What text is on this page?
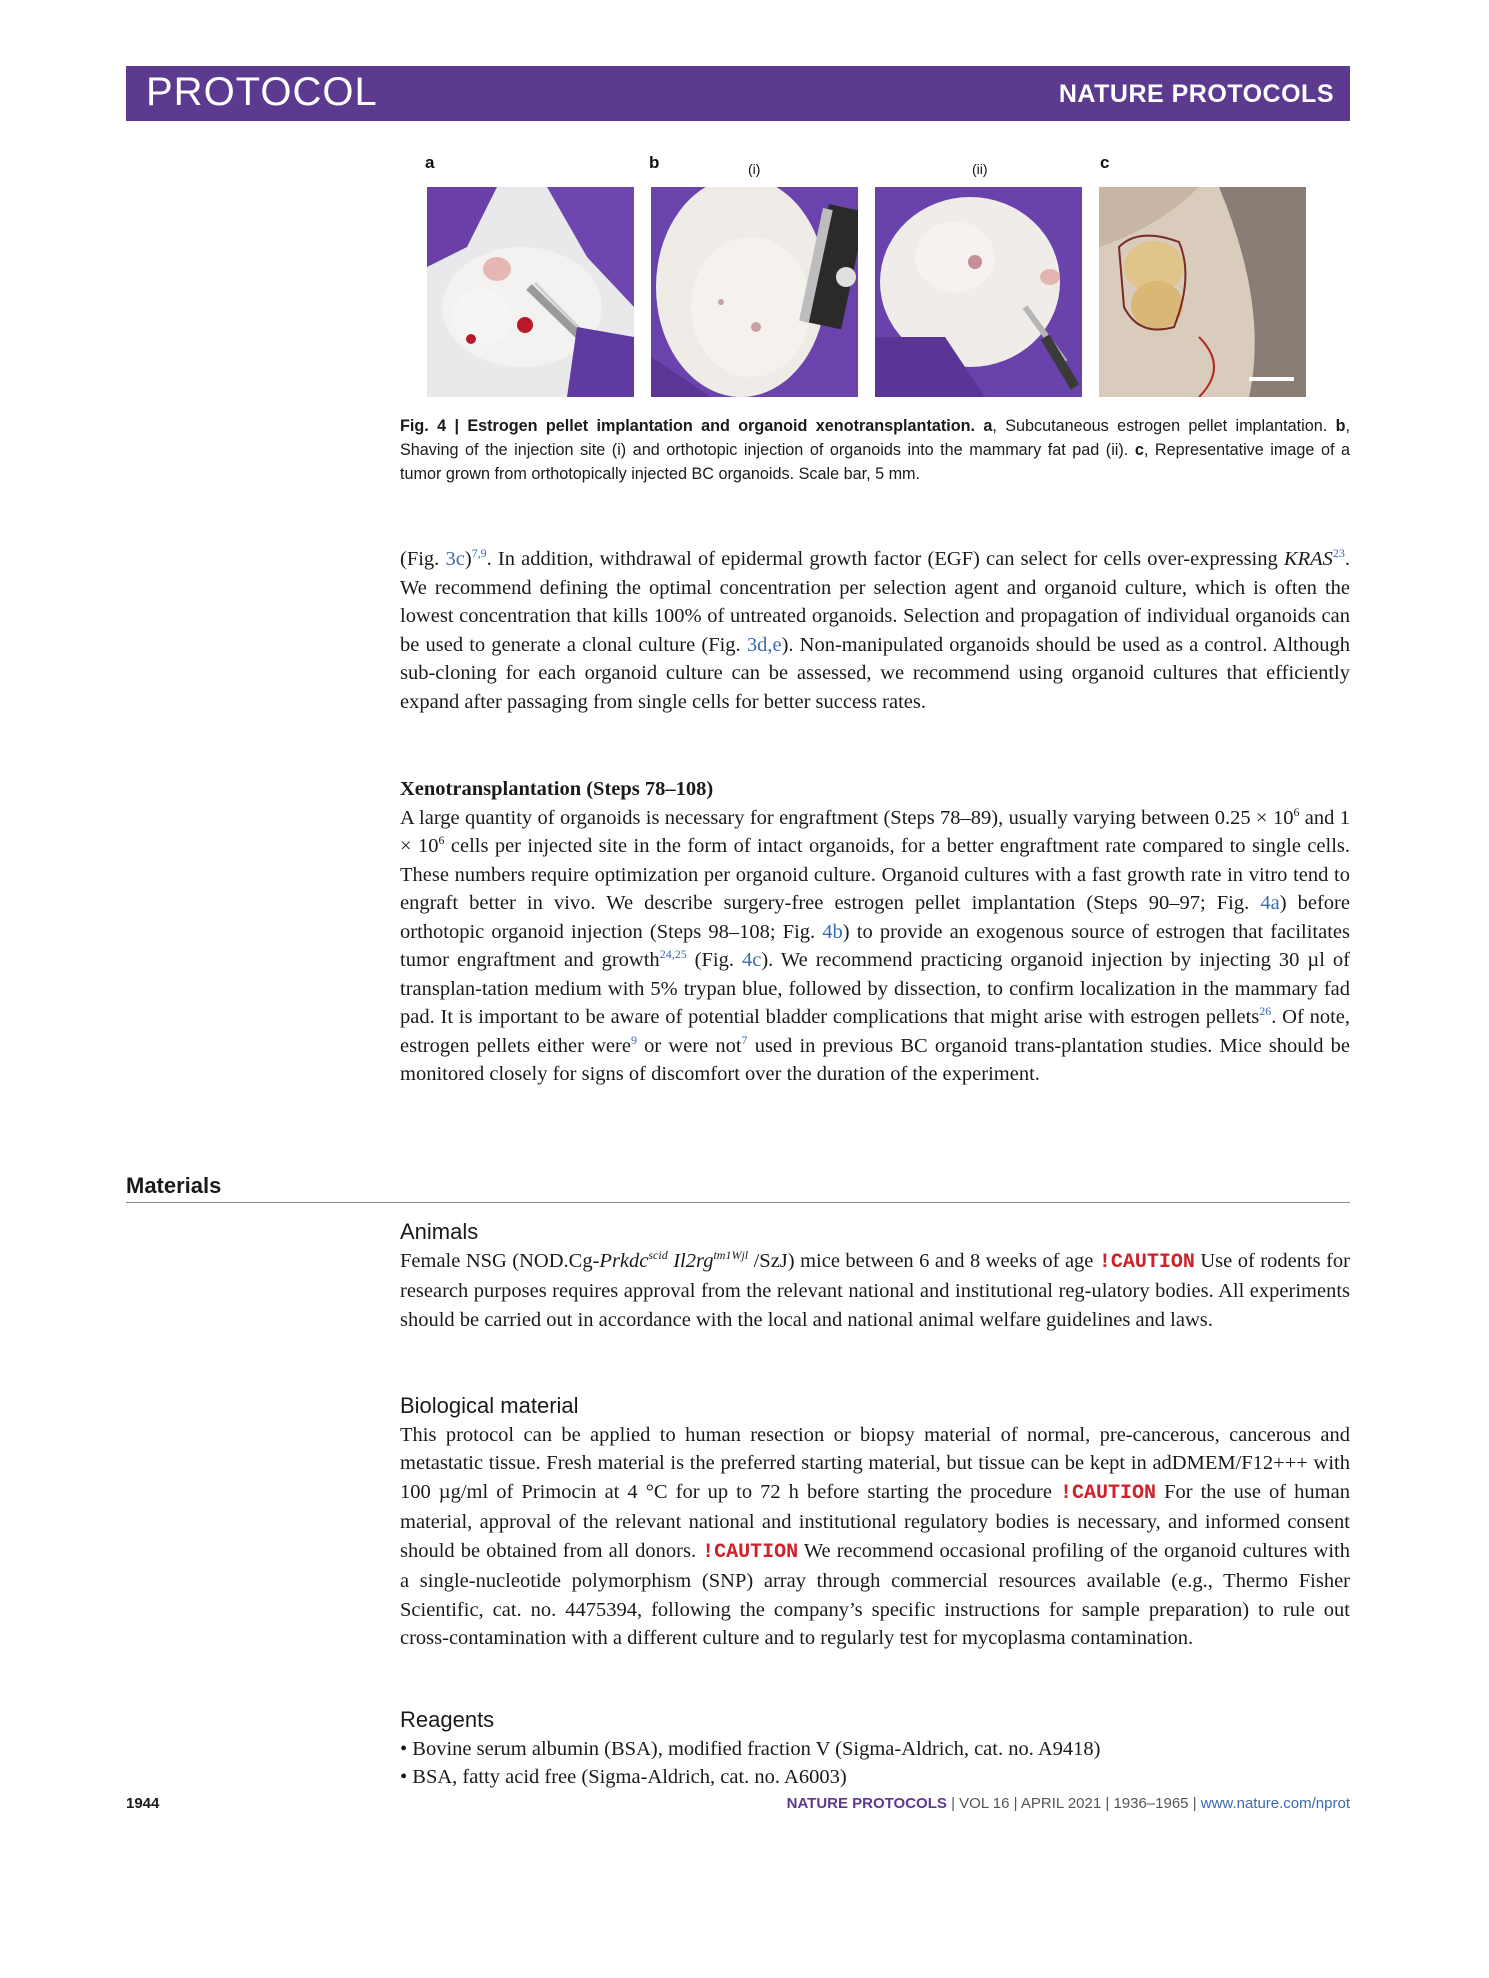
PROTOCOL	NATURE PROTOCOLS
a	b	(i)	(ii)	c
Fig. 4 | Estrogen pellet implantation and organoid xenotransplantation. a, Subcutaneous estrogen pellet implantation. b, Shaving of the injection site (i) and orthotopic injection of organoids into the mammary fat pad (ii). c, Representative image of a tumor grown from orthotopically injected BC organoids. Scale bar, 5 mm.

(Fig. 3c)$^{7,9}$. In addition, withdrawal of epidermal growth factor (EGF) can select for cells over-expressing KRAS$^{23}$. We recommend defining the optimal concentration per selection agent and organoid culture, which is often the lowest concentration that kills 100% of untreated organoids. Selection and propagation of individual organoids can be used to generate a clonal culture (Fig. 3d,e). Non-manipulated organoids should be used as a control. Although sub-cloning for each organoid culture can be assessed, we recommend using organoid cultures that efficiently expand after passaging from single cells for better success rates.

Xenotransplantation (Steps 78–108)

A large quantity of organoids is necessary for engraftment (Steps 78–89), usually varying between $0.25 \times 10^6$ and $1 \times 10^6$ cells per injected site in the form of intact organoids, for a better engraftment rate compared to single cells. These numbers require optimization per organoid culture. Organoid cultures with a fast growth rate in vitro tend to engraft better in vivo. We describe surgery-free estrogen pellet implantation (Steps 90–97; Fig. 4a) before orthotopic organoid injection (Steps 98–108; Fig. 4b) to provide an exogenous source of estrogen that facilitates tumor engraftment and growth$^{24,25}$ (Fig. 4c). We recommend practicing organoid injection by injecting 30 µl of transplan-tation medium with 5% trypan blue, followed by dissection, to confirm localization in the mammary fad pad. It is important to be aware of potential bladder complications that might arise with estrogen pellets$^{26}$. Of note, estrogen pellets either were$^9$ or were not$^7$ used in previous BC organoid trans-plantation studies. Mice should be monitored closely for signs of discomfort over the duration of the experiment.

Materials

Animals

Female NSG (NOD.Cg-Prkdc$^{scid}$ $Il2rg^{tm1Wjl}$ /SzJ) mice between 6 and 8 weeks of age !CAUTION Use of rodents for research purposes requires approval from the relevant national and institutional reg-ulatory bodies. All experiments should be carried out in accordance with the local and national animal welfare guidelines and laws.

Biological material

This protocol can be applied to human resection or biopsy material of normal, pre-cancerous, cancerous and metastatic tissue. Fresh material is the preferred starting material, but tissue can be kept in adDMEM/F12+++ with 100 µg/ml of Primocin at 4 °C for up to 72 h before starting the procedure !CAUTION For the use of human material, approval of the relevant national and institutional regulatory bodies is necessary, and informed consent should be obtained from all donors. !CAUTION We recommend occasional profiling of the organoid cultures with a single-nucleotide polymorphism (SNP) array through commercial resources available (e.g., Thermo Fisher Scientific, cat. no. 4475394, following the company’s specific instructions for sample preparation) to rule out cross-contamination with a different culture and to regularly test for mycoplasma contamination.

Reagents

• Bovine serum albumin (BSA), modified fraction V (Sigma-Aldrich, cat. no. A9418)

• BSA, fatty acid free (Sigma-Aldrich, cat. no. A6003)

1944	NATURE PROTOCOLS | VOL 16 | APRIL 2021 | 1936–1965 | www.nature.com/nprot
